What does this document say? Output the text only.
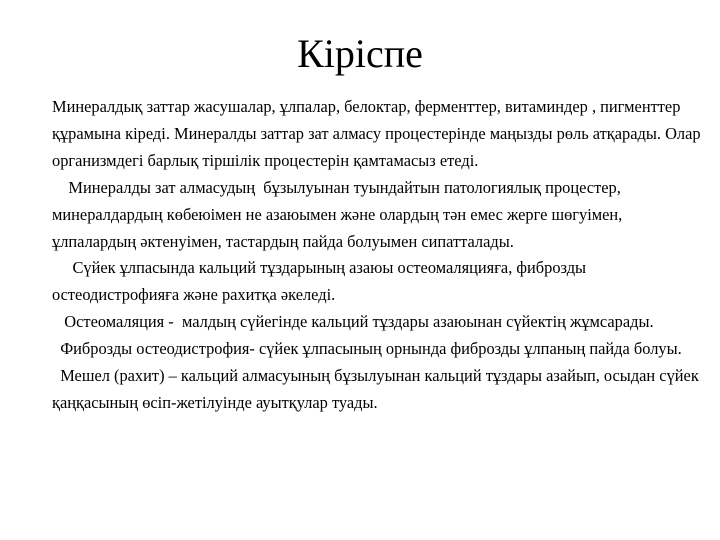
Кіріспе

Минералдық заттар жасушалар, ұлпалар, белоктар, ферменттер, витаминдер , пигменттер құрамына кіреді. Минералды заттар зат алмасу процестерінде маңызды рөль атқарады. Олар организмдегі барлық тіршілік процестерін қамтамасыз етеді.

Минералды зат алмасудың  бұзылуынан туындайтын патологиялық процестер, минералдардың көбеюімен не азаюымен және олардың тән емес жерге шөгуімен, ұлпалардың әктенуімен, тастардың пайда болуымен сипатталады.

Сүйек ұлпасында кальций тұздарының азаюы остеомаляцияға, фиброзды остеодистрофияға және рахитқа әкеледі.

Остеомаляция -  малдың сүйегінде кальций тұздары азаюынан сүйектің жұмсарады.

Фиброзды остеодистрофия- сүйек ұлпасының орнында фиброзды ұлпаның пайда болуы.

Мешел (рахит) – кальций алмасуының бұзылуынан кальций тұздары азайып, осыдан сүйек қаңқасының өсіп-жетілуінде ауытқулар туады.
